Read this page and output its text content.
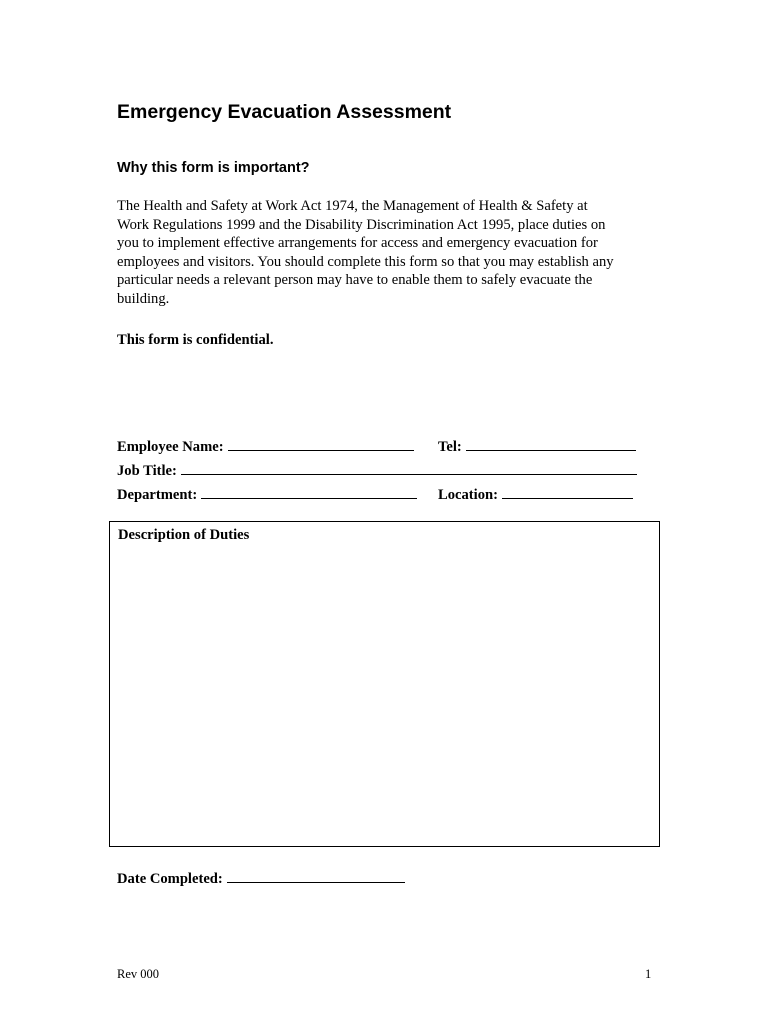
Emergency Evacuation Assessment
Why this form is important?
The Health and Safety at Work Act 1974, the Management of Health & Safety at
Work Regulations 1999 and the Disability Discrimination Act 1995, place duties on
you to implement effective arrangements for access and emergency evacuation for
employees and visitors. You should complete this form so that you may establish any
particular needs a relevant person may have to enable them to safely evacuate the
building.
This form is confidential.
Employee Name:	Tel:
Job Title:
Department:	Location:
Description of Duties
Date Completed:
Rev 000	1
